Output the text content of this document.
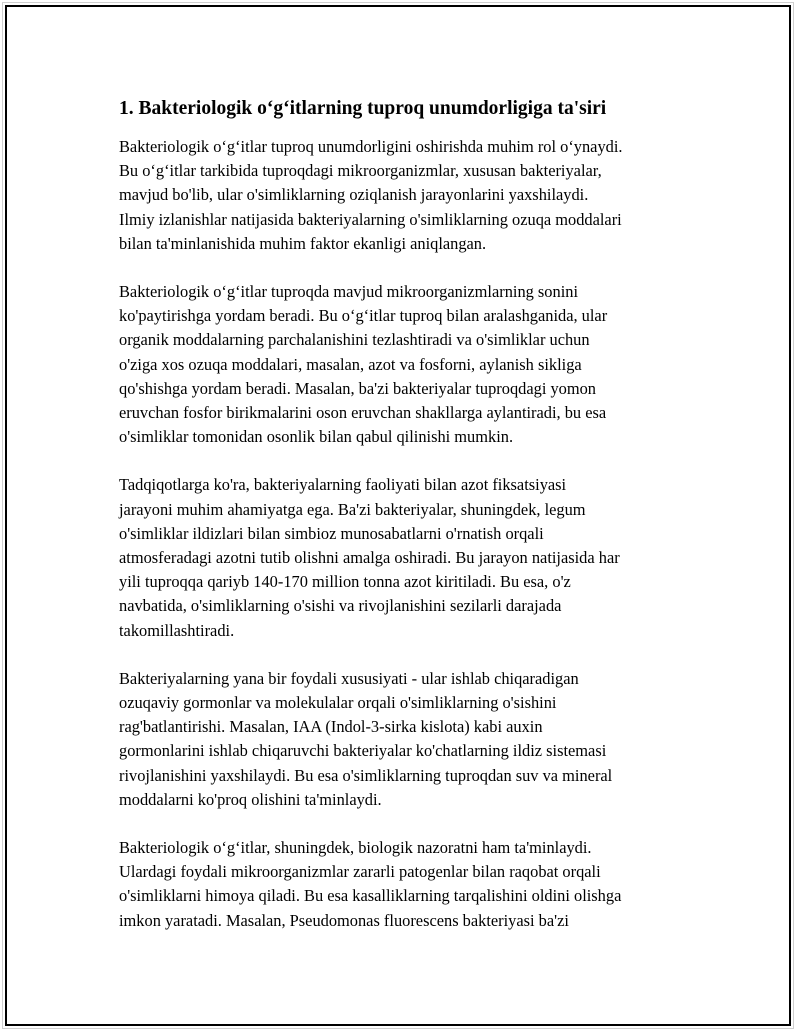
1. Bakteriologik o‘g‘itlarning tuproq unumdorligiga ta'siri
Bakteriologik o‘g‘itlar tuproq unumdorligini oshirishda muhim rol o‘ynaydi.
Bu o‘g‘itlar tarkibida tuproqdagi mikroorganizmlar, xususan bakteriyalar,
mavjud bo'lib, ular o'simliklarning oziqlanish jarayonlarini yaxshilaydi.
Ilmiy izlanishlar natijasida bakteriyalarning o'simliklarning ozuqa moddalari
bilan ta'minlanishida muhim faktor ekanligi aniqlangan.
Bakteriologik o‘g‘itlar tuproqda mavjud mikroorganizmlarning sonini
ko'paytirishga yordam beradi. Bu o‘g‘itlar tuproq bilan aralashganida, ular
organik moddalarning parchalanishini tezlashtiradi va o'simliklar uchun
o'ziga xos ozuqa moddalari, masalan, azot va fosforni, aylanish sikliga
qo'shishga yordam beradi. Masalan, ba'zi bakteriyalar tuproqdagi yomon
eruvchan fosfor birikmalarini oson eruvchan shakllarga aylantiradi, bu esa
o'simliklar tomonidan osonlik bilan qabul qilinishi mumkin.
Tadqiqotlarga ko'ra, bakteriyalarning faoliyati bilan azot fiksatsiyasi
jarayoni muhim ahamiyatga ega. Ba'zi bakteriyalar, shuningdek, legum
o'simliklar ildizlari bilan simbioz munosabatlarni o'rnatish orqali
atmosferadagi azotni tutib olishni amalga oshiradi. Bu jarayon natijasida har
yili tuproqqa qariyb 140-170 million tonna azot kiritiladi. Bu esa, o'z
navbatida, o'simliklarning o'sishi va rivojlanishini sezilarli darajada
takomillashtiradi.
Bakteriyalarning yana bir foydali xususiyati - ular ishlab chiqaradigan
ozuqaviy gormonlar va molekulalar orqali o'simliklarning o'sishini
rag'batlantirishi. Masalan, IAA (Indol-3-sirka kislota) kabi auxin
gormonlarini ishlab chiqaruvchi bakteriyalar ko'chatlarning ildiz sistemasi
rivojlanishini yaxshilaydi. Bu esa o'simliklarning tuproqdan suv va mineral
moddalarni ko'proq olishini ta'minlaydi.
Bakteriologik o‘g‘itlar, shuningdek, biologik nazoratni ham ta'minlaydi.
Ulardagi foydali mikroorganizmlar zararli patogenlar bilan raqobat orqali
o'simliklarni himoya qiladi. Bu esa kasalliklarning tarqalishini oldini olishga
imkon yaratadi. Masalan, Pseudomonas fluorescens bakteriyasi ba'zi
